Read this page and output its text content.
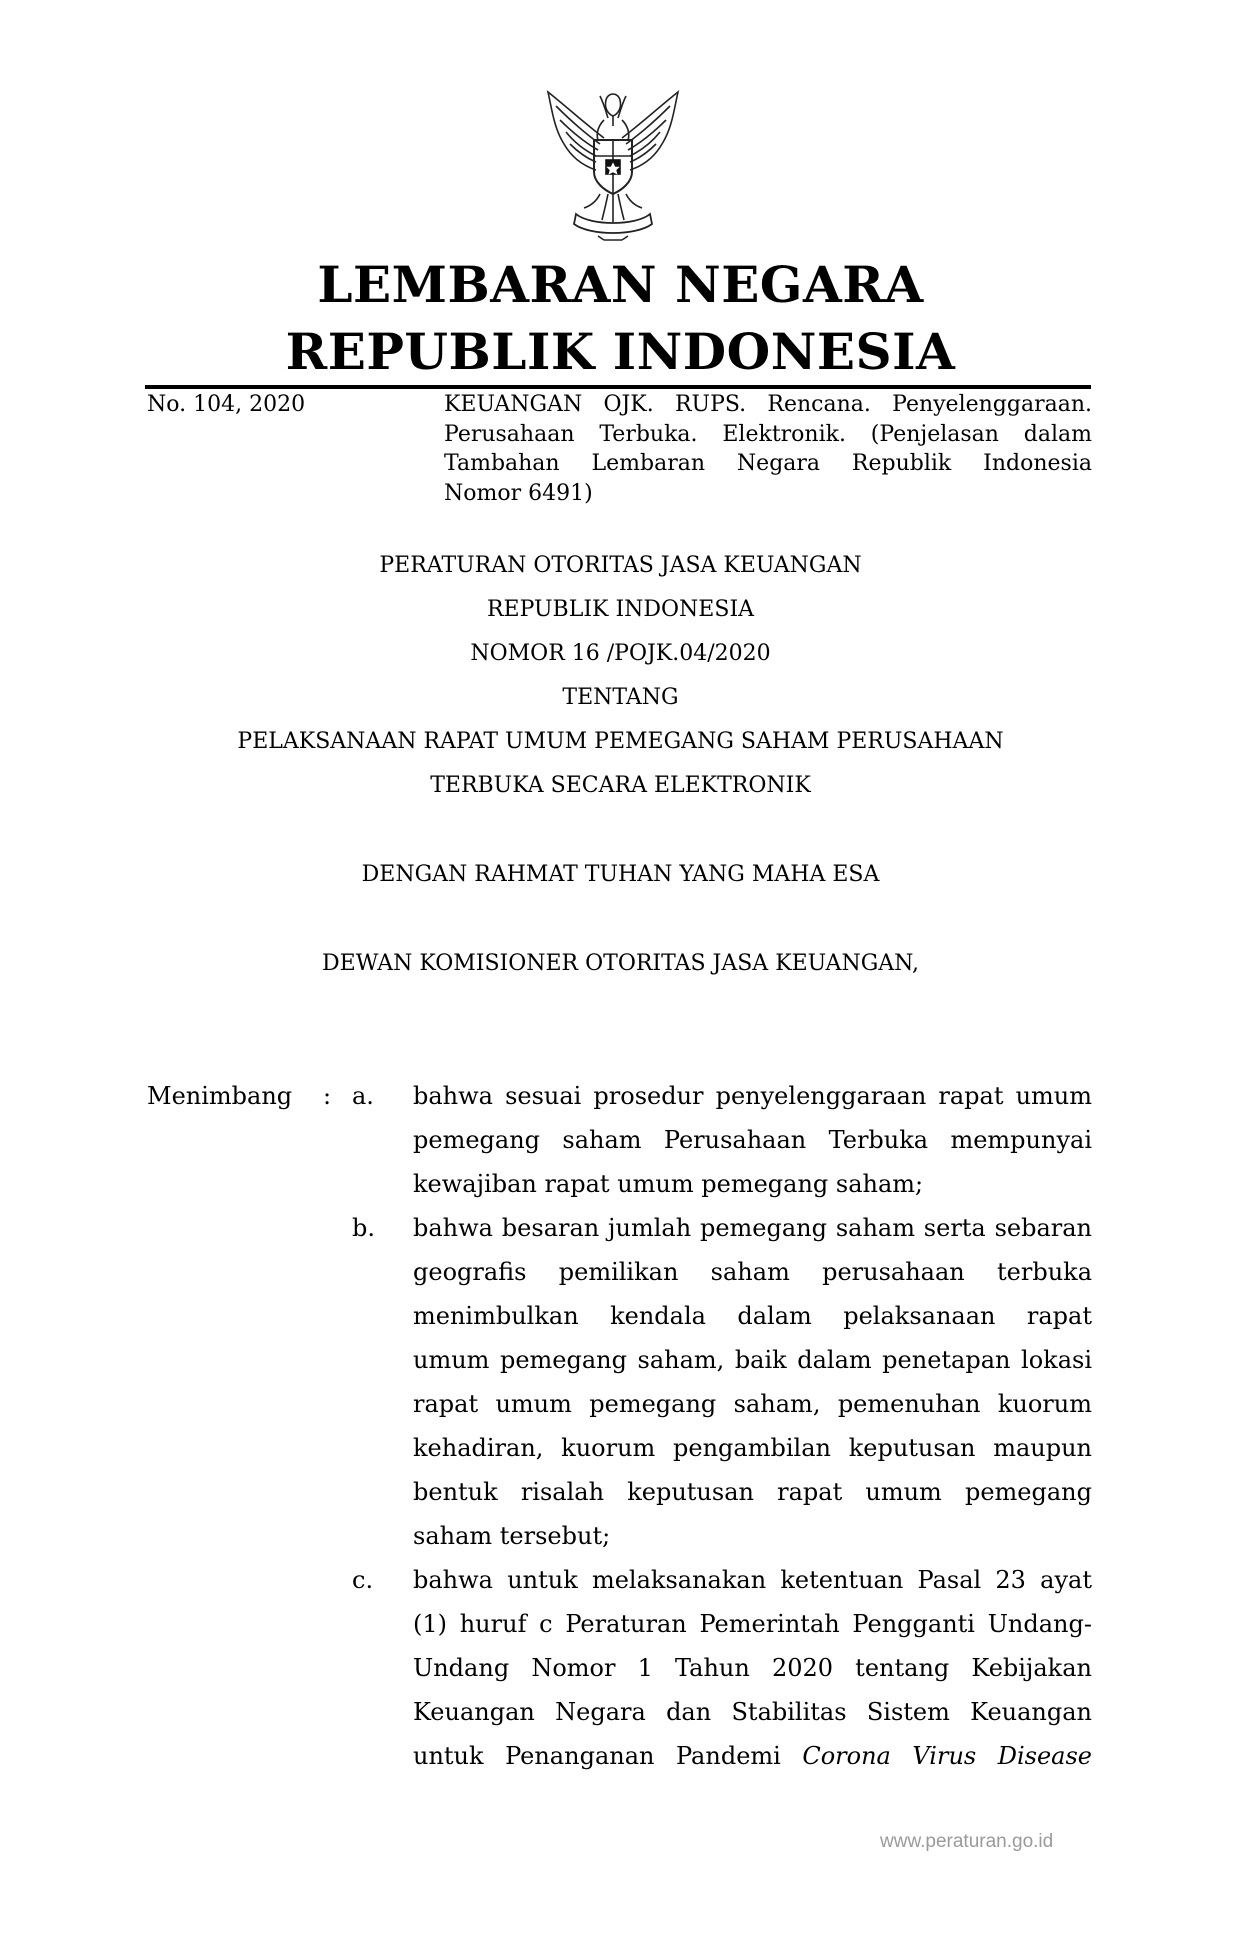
LEMBARAN NEGARA
REPUBLIK INDONESIA
No. 104, 2020	KEUANGAN OJK. RUPS. Rencana. Penyelenggaraan.
Perusahaan Terbuka. Elektronik. (Penjelasan dalam
Tambahan Lembaran Negara Republik Indonesia
Nomor 6491)
PERATURAN OTORITAS JASA KEUANGAN
REPUBLIK INDONESIA
NOMOR 16 /POJK.04/2020
TENTANG
PELAKSANAAN RAPAT UMUM PEMEGANG SAHAM PERUSAHAAN
TERBUKA SECARA ELEKTRONIK
DENGAN RAHMAT TUHAN YANG MAHA ESA
DEWAN KOMISIONER OTORITAS JASA KEUANGAN,
Menimbang : a. bahwa sesuai prosedur penyelenggaraan rapat umum
pemegang saham Perusahaan Terbuka mempunyai
kewajiban rapat umum pemegang saham;
b. bahwa besaran jumlah pemegang saham serta sebaran
geografis pemilikan saham perusahaan terbuka
menimbulkan kendala dalam pelaksanaan rapat
umum pemegang saham, baik dalam penetapan lokasi
rapat umum pemegang saham, pemenuhan kuorum
kehadiran, kuorum pengambilan keputusan maupun
bentuk risalah keputusan rapat umum pemegang
saham tersebut;
c. bahwa untuk melaksanakan ketentuan Pasal 23 ayat
(1) huruf c Peraturan Pemerintah Pengganti Undang-
Undang Nomor 1 Tahun 2020 tentang Kebijakan
Keuangan Negara dan Stabilitas Sistem Keuangan
untuk Penanganan Pandemi Corona Virus Disease
www.peraturan.go.id
